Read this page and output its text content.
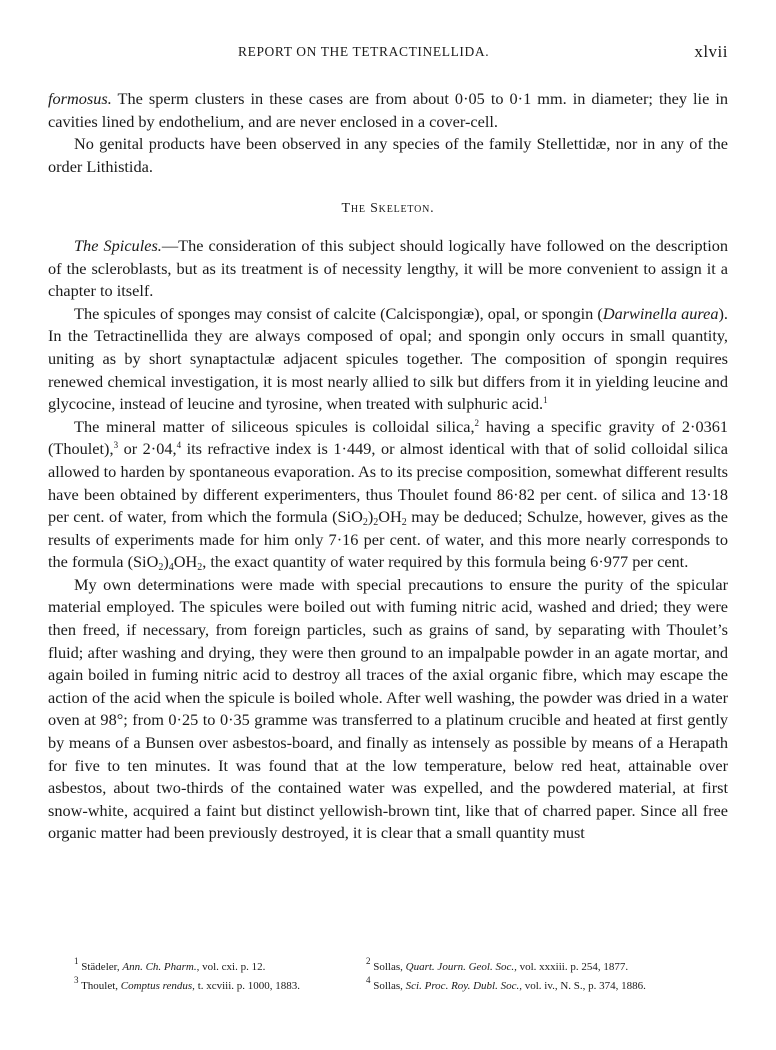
REPORT ON THE TETRACTINELLIDA.	xlvii

formosus. The sperm clusters in these cases are from about 0·05 to 0·1 mm. in diameter; they lie in cavities lined by endothelium, and are never enclosed in a cover-cell.

No genital products have been observed in any species of the family Stellettidæ, nor in any of the order Lithistida.

The Skeleton.

The Spicules.—The consideration of this subject should logically have followed on the description of the scleroblasts, but as its treatment is of necessity lengthy, it will be more convenient to assign it a chapter to itself.

The spicules of sponges may consist of calcite (Calcispongiæ), opal, or spongin (Darwinella aurea). In the Tetractinellida they are always composed of opal; and spongin only occurs in small quantity, uniting as by short synaptactulæ adjacent spicules together. The composition of spongin requires renewed chemical investigation, it is most nearly allied to silk but differs from it in yielding leucine and glycocine, instead of leucine and tyrosine, when treated with sulphuric acid.$^1$

The mineral matter of siliceous spicules is colloidal silica,$^2$ having a specific gravity of 2·0361 (Thoulet),$^3$ or 2·04,$^4$ its refractive index is 1·449, or almost identical with that of solid colloidal silica allowed to harden by spontaneous evaporation. As to its precise composition, somewhat different results have been obtained by different experimenters, thus Thoulet found 86·82 per cent. of silica and 13·18 per cent. of water, from which the formula $(SiO_2)_2OH_2$ may be deduced; Schulze, however, gives as the results of experiments made for him only 7·16 per cent. of water, and this more nearly corresponds to the formula $(SiO_2)_4OH_2$, the exact quantity of water required by this formula being 6·977 per cent.

My own determinations were made with special precautions to ensure the purity of the spicular material employed. The spicules were boiled out with fuming nitric acid, washed and dried; they were then freed, if necessary, from foreign particles, such as grains of sand, by separating with Thoulet’s fluid; after washing and drying, they were then ground to an impalpable powder in an agate mortar, and again boiled in fuming nitric acid to destroy all traces of the axial organic fibre, which may escape the action of the acid when the spicule is boiled whole. After well washing, the powder was dried in a water oven at 98°; from 0·25 to 0·35 gramme was transferred to a platinum crucible and heated at first gently by means of a Bunsen over asbestos-board, and finally as intensely as possible by means of a Herapath for five to ten minutes. It was found that at the low temperature, below red heat, attainable over asbestos, about two-thirds of the contained water was expelled, and the powdered material, at first snow-white, acquired a faint but distinct yellowish-brown tint, like that of charred paper. Since all free organic matter had been previously destroyed, it is clear that a small quantity must

$^1$ Städeler, Ann. Ch. Pharm., vol. cxi. p. 12.	$^2$ Sollas, Quart. Journ. Geol. Soc., vol. xxxiii. p. 254, 1877.
$^3$ Thoulet, Comptus rendus, t. xcviii. p. 1000, 1883.	$^4$ Sollas, Sci. Proc. Roy. Dubl. Soc., vol. iv., N. S., p. 374, 1886.
